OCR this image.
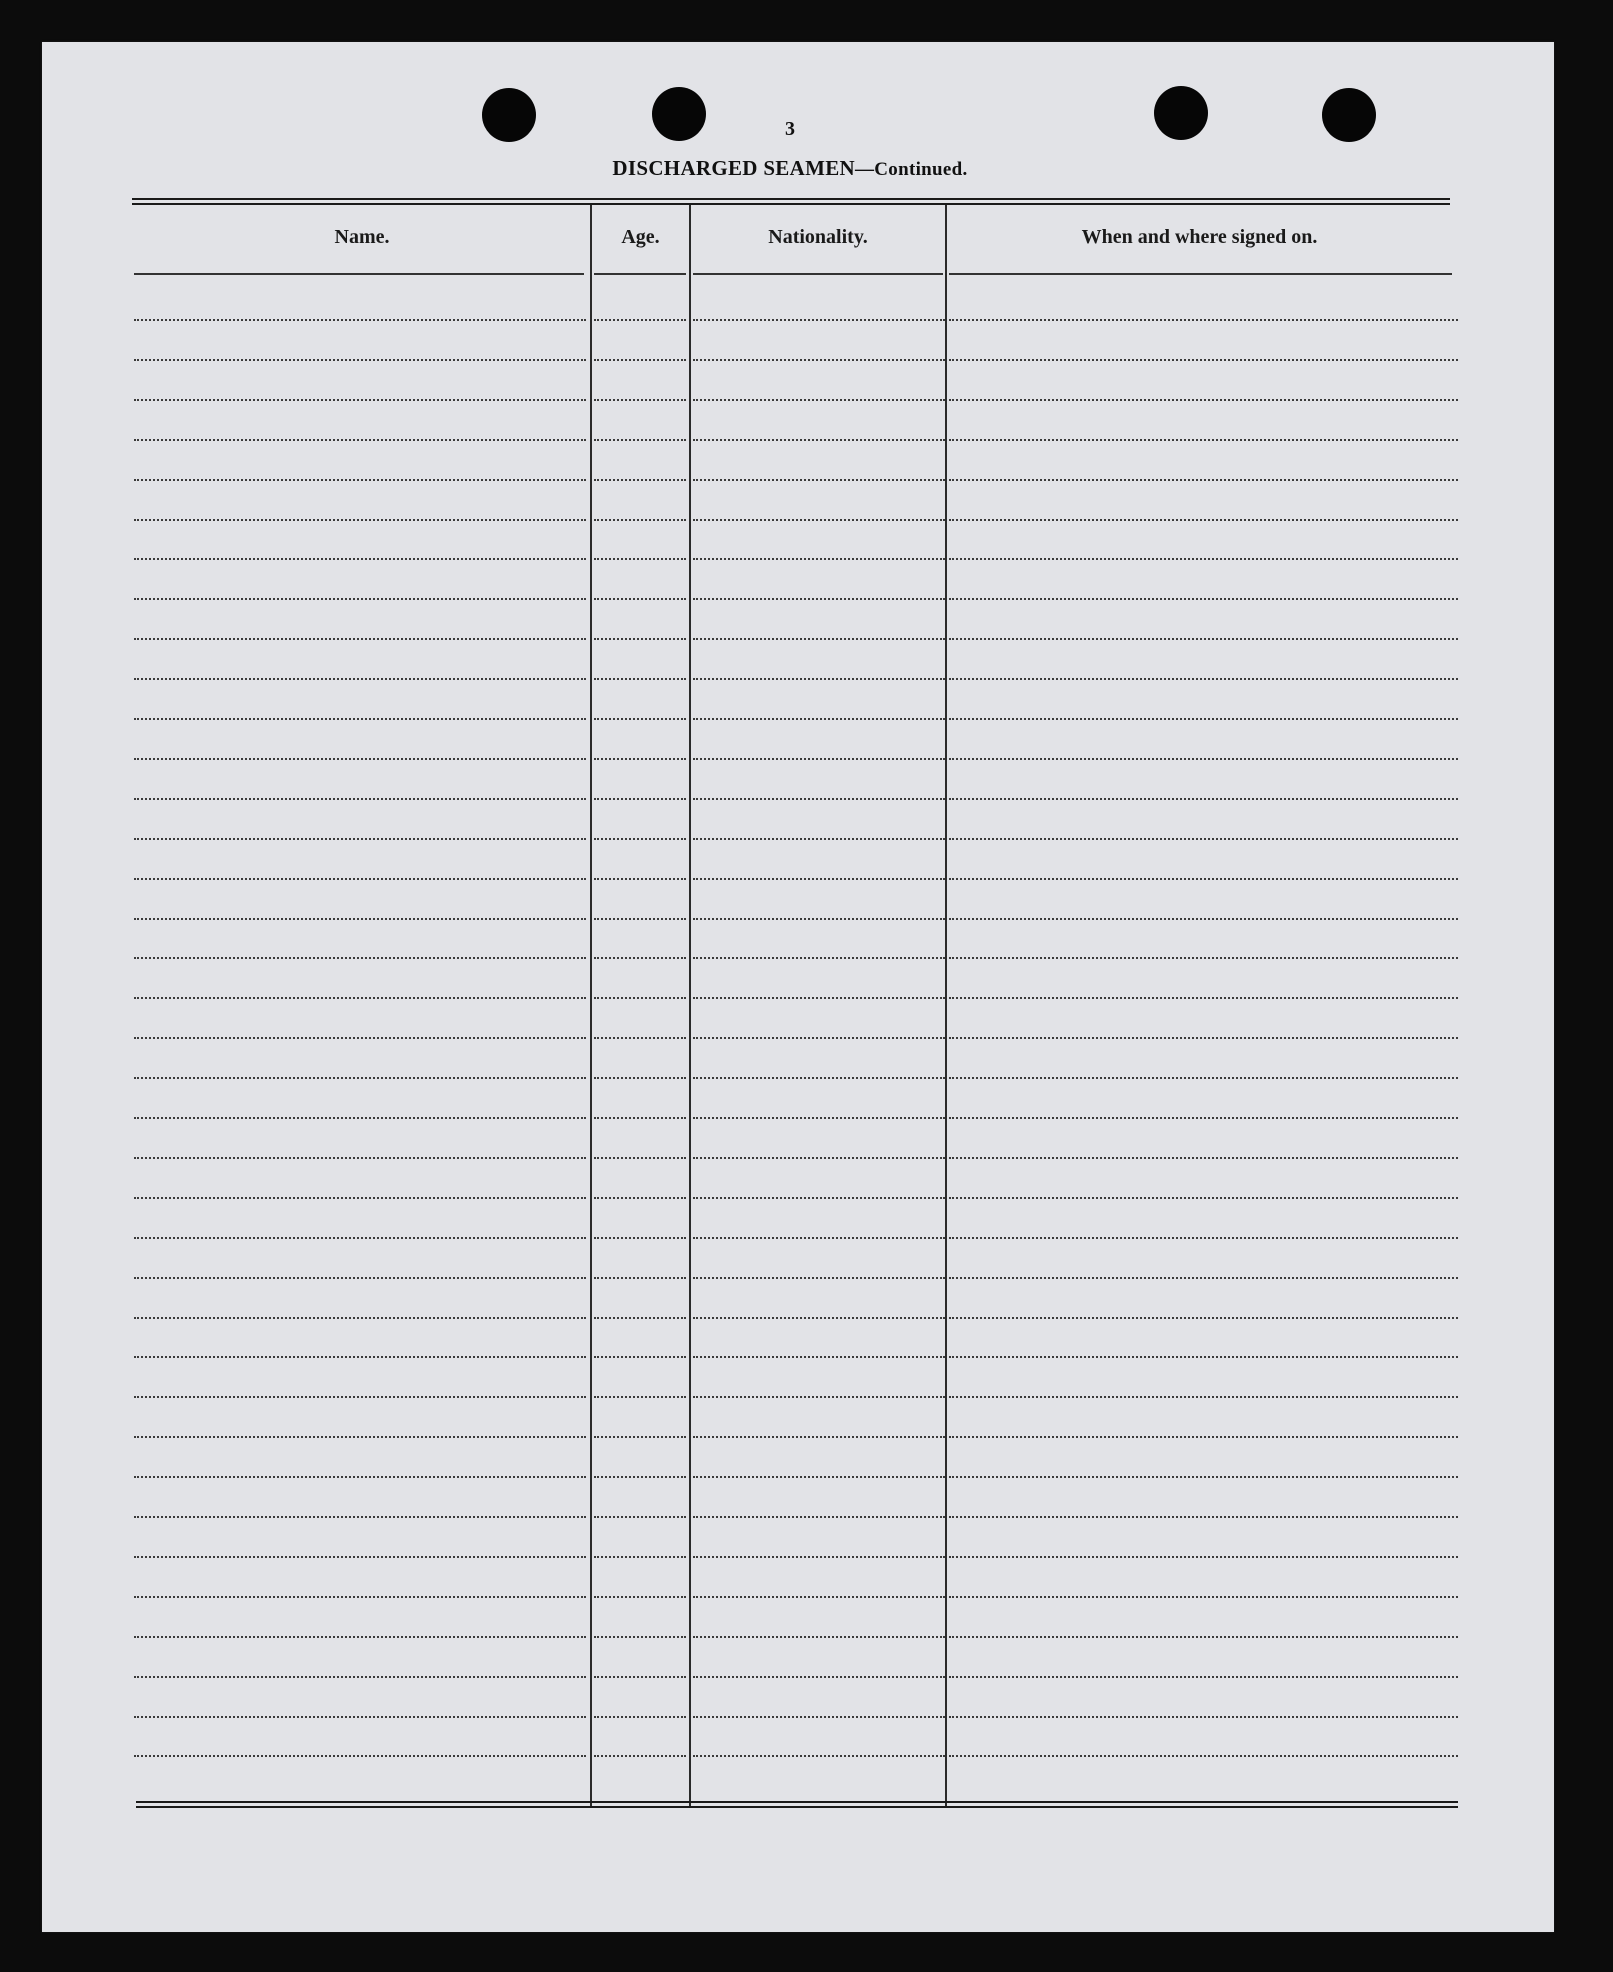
3
DISCHARGED SEAMEN—Continued.
Name.	Age.	Nationality.	When and where signed on.
